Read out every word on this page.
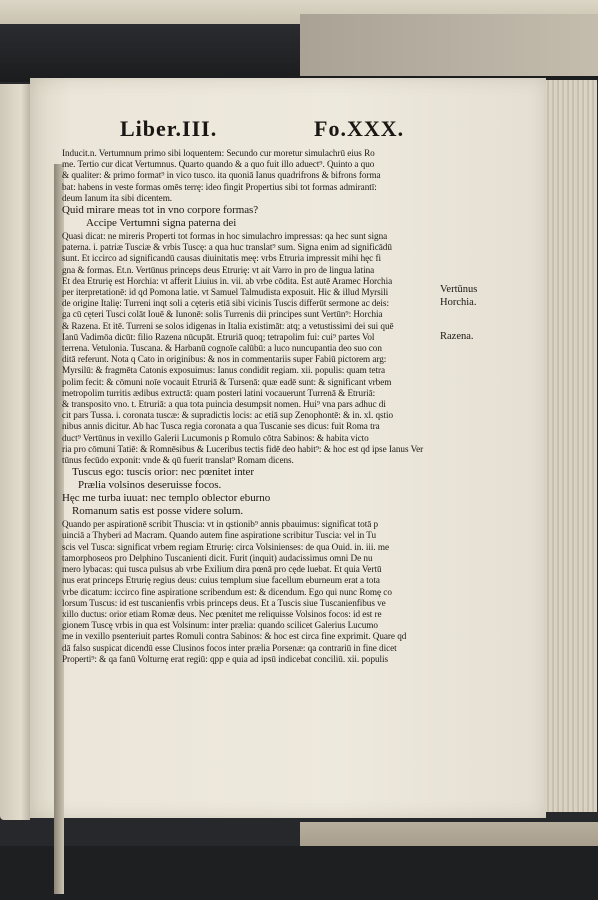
Liber.III.	Fo.XXX.
Inducit.n. Vertumnum primo sibi loquentem: Secundo cur moretur simulachrū eius Ro
me. Tertio cur dicat Vertumnus. Quarto quando & a quo fuit illo aduect⁹. Quinto a quo
& qualiter: & primo format⁹ in vico tusco. ita quoniā Ianus quadrifrons & bifrons forma
bat: habens in veste formas omēs terrę: ideo fingit Propertius sibi tot formas admirantī:
deum Ianum ita sibi dicentem.
Quid mirare meas tot in vno corpore formas?
Accipe Vertumni signa paterna dei
Quasi dicat: ne mireris Properti tot formas in hoc simulachro impressas: qa hec sunt signa
paterna. i. patriæ Tusciæ & vrbis Tuscę: a qua huc translat⁹ sum. Signa enim ad significādū
sunt. Et iccirco ad significandū causas diuinitatis meę: vrbs Etruria impressit mihi hęc fi
gna & formas. Et.n. Vertūnus princeps deus Etrurię: vt ait Varro in pro de lingua latina
Et dea Etrurię est Horchia: vt afferit Liuius in. vii. ab vrbe cōdita. Est autē Aramec Horchia
per iterpretationē: id qd Pomona latie. vt Samuel Talmudista exposuit. Hic & illud Myrsili
de origine Italię: Turreni inqt soli a cęteris etiā sibi vicinis Tuscis differūt sermone ac deis:
ga cū cęteri Tusci colāt Iouē & Iunonē: solis Turrenis dii principes sunt Vertūn⁹: Horchia
& Razena. Et itē. Turreni se solos idigenas in Italia existimāt: atq; a vetustissimi dei sui quē
Ianū Vadimōa dicūt: filio Razena nūcupāt. Etruriā quoq; tetrapolim fui: cui⁹ partes Vol
terrena. Vetulonia. Tuscana. & Harbanū cognoīe calūbū: a luco nuncupantia deo suo con
ditā referunt. Nota q Cato in originibus: & nos in commentariis super Fabiū pictorem arg:
Myrsilū: & fragmēta Catonis exposuimus: Ianus condidit regiam. xii. populis: quam tetra
polim fecit: & cōmuni noīe vocauit Etruriā & Tursenā: quæ eadē sunt: & significant vrbem
metropolim turritis ædibus extructā: quam posteri latini vocauerunt Turrenā & Etruriā:
& transposito vno. t. Etruriā: a qua tota puincia desumpsit nomen. Hui⁹ vna pars adhuc di
cit pars Tussa. i. coronata tuscæ: & supradictis locis: ac etiā sup Zenophontē: & in. xl. qstio
nibus annis dicitur. Ab hac Tusca regia coronata a qua Tuscanie ses dicus: fuit Roma tra
duct⁹ Vertūnus in vexillo Galerii Lucumonis p Romulo cōtra Sabinos: & habita victo
ria pro cōmuni Tatiē: & Romnēsibus & Luceribus tectis fidē deo habit⁹: & hoc est qd ipse Ianus Ver
tūnus fecūdo exponit: vnde & qū fuerit translat⁹ Romam dicens.
Tuscus ego: tuscis orior: nec pœnitet inter
Prælia volsinos deseruisse focos.
Hęc me turba iuuat: nec templo oblector eburno
Romanum satis est posse videre solum.
Quando per aspirationē scribit Thuscia: vt in qstionib⁹ annis pbauimus: significat totā p
uinciā a Thyberi ad Macram. Quando autem fine aspiratione scribitur Tuscia: vel in Tu
scis vel Tusca: significat vrbem regiam Etrurię: circa Volsinienses: de qua Ouid. in. iii. me
tamorphoseos pro Delphino Tuscanienti dicit. Furit (inquit) audacissimus omni De nu
mero lybacas: qui tusca pulsus ab vrbe Exilium dira pœnā pro cęde luebat. Et quia Vertū
nus erat princeps Etrurię regius deus: cuius templum siue facellum eburneum erat a tota
vrbe dicatum: iccirco fine aspiratione scribendum est: & dicendum. Ego qui nunc Romę co
lorsum Tuscus: id est tuscanienfis vrbis princeps deus. Et a Tuscis siue Tuscanienfibus ve
xillo ductus: orior etiam Romæ deus. Nec pœnitet me reliquisse Volsinos focos: id est re
gionem Tuscę vrbis in qua est Volsinum: inter prælia: quando scilicet Galerius Lucumo
me in vexillo psenteriuit partes Romuli contra Sabinos: & hoc est circa fine exprimit. Quare qd
dā falso suspicat dicendū esse Clusinos focos inter prælia Porsenæ: qa contrariū in fine dicet
Properti⁹: & qa fanū Volturnę erat regiū: qpp e quia ad ipsū indicebat conciliū. xii. populis
Vertūnus
Horchia.
Razena.
